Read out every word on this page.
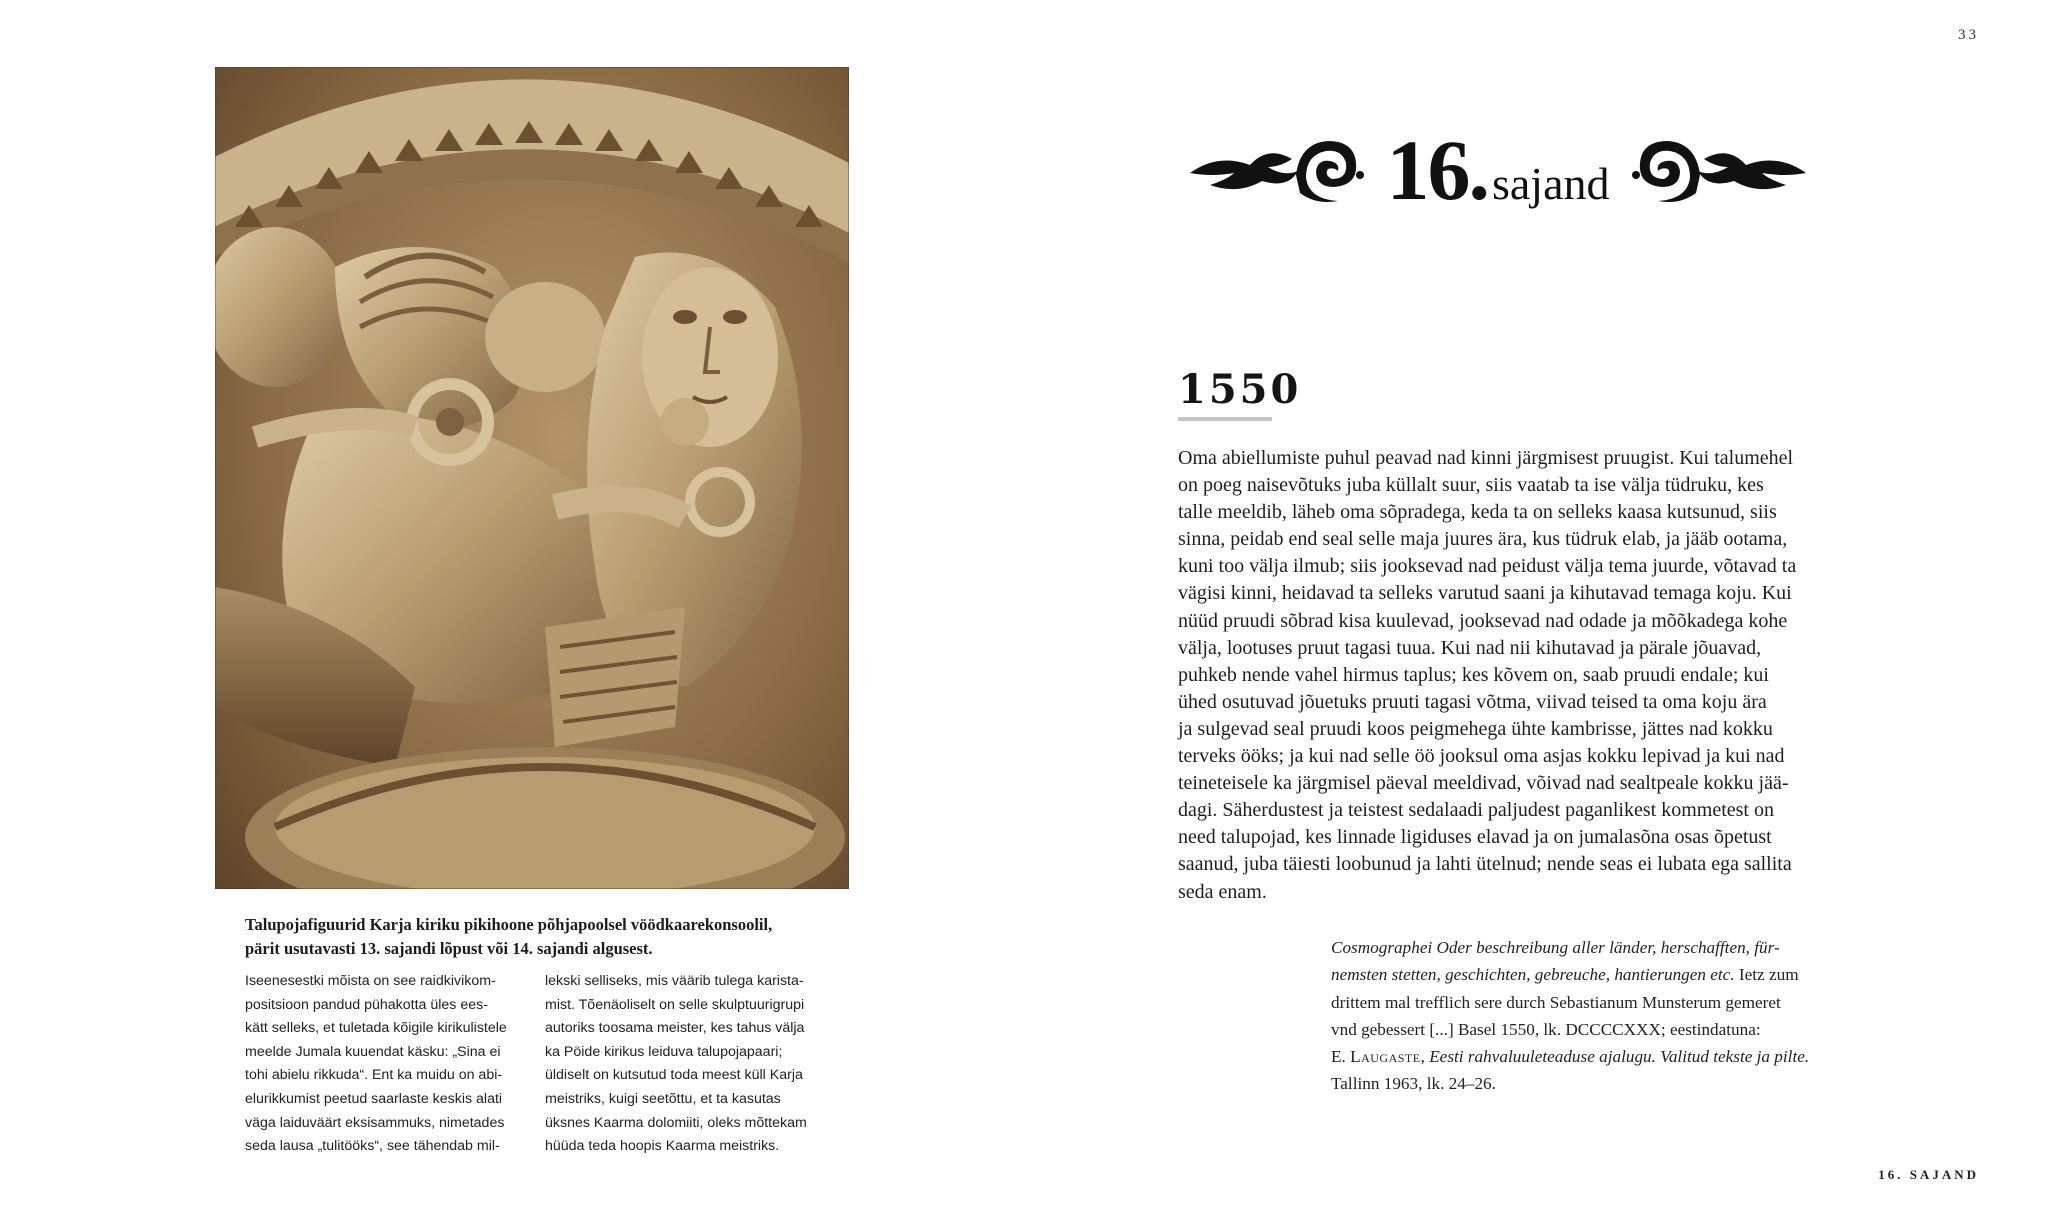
Talupojafiguurid Karja kiriku pikihoone põhjapoolsel vöödkaarekonsoolil,
pärit usutavasti 13. sajandi lõpust või 14. sajandi algusest.
Iseenesestki mõista on see raidkivikom-
positsioon pandud pühakotta üles ees-
kätt selleks, et tuletada kõigile kirikulistele
meelde Jumala kuuendat käsku: „Sina ei
tohi abielu rikkuda“. Ent ka muidu on abi-
elurikkumist peetud saarlaste keskis alati
väga laiduväärt eksisammuks, nimetades
seda lausa „tulitööks“, see tähendab mil-
lekski selliseks, mis väärib tulega karista-
mist. Tõenäoliselt on selle skulptuurigrupi
autoriks toosama meister, kes tahus välja
ka Pöide kirikus leiduva talupojapaari;
üldiselt on kutsutud toda meest küll Karja
meistriks, kuigi seetõttu, et ta kasutas
üksnes Kaarma dolomiiti, oleks mõttekam
hüüda teda hoopis Kaarma meistriks.
33
16. sajand
1550
Oma abiellumiste puhul peavad nad kinni järgmisest pruugist. Kui talumehel
on poeg naisevõtuks juba küllalt suur, siis vaatab ta ise välja tüdruku, kes
talle meeldib, läheb oma sõpradega, keda ta on selleks kaasa kutsunud, siis
sinna, peidab end seal selle maja juures ära, kus tüdruk elab, ja jääb ootama,
kuni too välja ilmub; siis jooksevad nad peidust välja tema juurde, võtavad ta
vägisi kinni, heidavad ta selleks varutud saani ja kihutavad temaga koju. Kui
nüüd pruudi sõbrad kisa kuulevad, jooksevad nad odade ja mõõkadega kohe
välja, lootuses pruut tagasi tuua. Kui nad nii kihutavad ja pärale jõuavad,
puhkeb nende vahel hirmus taplus; kes kõvem on, saab pruudi endale; kui
ühed osutuvad jõuetuks pruuti tagasi võtma, viivad teised ta oma koju ära
ja sulgevad seal pruudi koos peigmehega ühte kambrisse, jättes nad kokku
terveks ööks; ja kui nad selle öö jooksul oma asjas kokku lepivad ja kui nad
teineteisele ka järgmisel päeval meeldivad, võivad nad sealtpeale kokku jää-
dagi. Säherdustest ja teistest sedalaadi paljudest paganlikest kommetest on
need talupojad, kes linnade ligiduses elavad ja on jumalasõna osas õpetust
saanud, juba täiesti loobunud ja lahti ütelnud; nende seas ei lubata ega sallita
seda enam.
Cosmographei Oder beschreibung aller länder, herschafften, für-
nemsten stetten, geschichten, gebreuche, hantierungen etc. Ietz zum
drittem mal trefflich sere durch Sebastianum Munsterum gemeret
vnd gebessert [...] Basel 1550, lk. DCCCCXXX; eestindatuna:
E. Laugaste, Eesti rahvaluuleteaduse ajalugu. Valitud tekste ja pilte.
Tallinn 1963, lk. 24–26.
16. SAJAND
